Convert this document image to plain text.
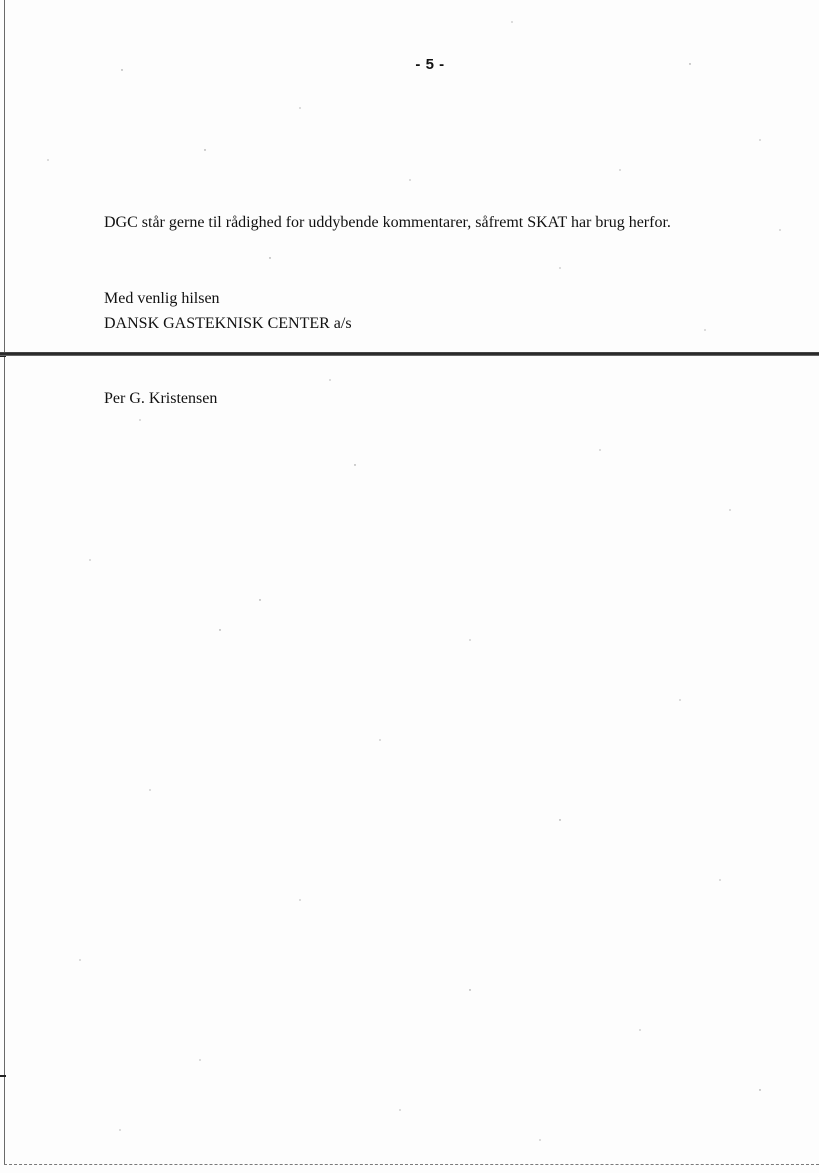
- 5 -
DGC står gerne til rådighed for uddybende kommentarer, såfremt SKAT har brug herfor.
Med venlig hilsen
DANSK GASTEKNISK CENTER a/s
Per G. Kristensen
